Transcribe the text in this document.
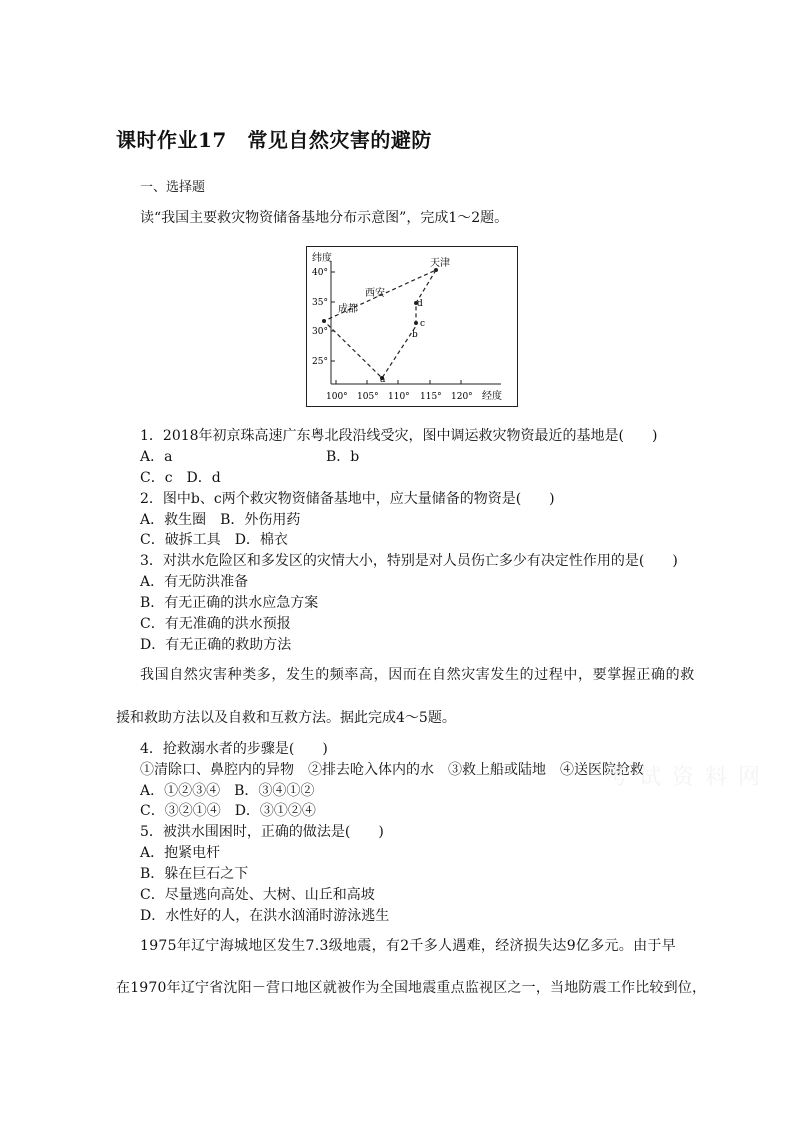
课时作业17　常见自然灾害的避防
一、选择题
读“我国主要救灾物资储备基地分布示意图”，完成1～2题。
纬度
40°
35°
30°
25°
100° 105° 110° 115° 120° 经度
天津
西安
成都	d
c
b
a
1．2018年初京珠高速广东粤北段沿线受灾，图中调运救灾物资最近的基地是(　　)
A．a	B．b
C．c　D．d
2．图中b、c两个救灾物资储备基地中，应大量储备的物资是(　　)
A．救生圈　B．外伤用药
C．破拆工具　D．棉衣
3．对洪水危险区和多发区的灾情大小，特别是对人员伤亡多少有决定性作用的是(　　)
A．有无防洪准备
B．有无正确的洪水应急方案
C．有无准确的洪水预报
D．有无正确的救助方法
我国自然灾害种类多，发生的频率高，因而在自然灾害发生的过程中，要掌握正确的救
援和救助方法以及自救和互救方法。据此完成4～5题。
4．抢救溺水者的步骤是(　　)
①清除口、鼻腔内的异物　②排去呛入体内的水　③救上船或陆地　④送医院抢救
A．①②③④　B．③④①②
C．③②①④　D．③①②④
5．被洪水围困时，正确的做法是(　　)
A．抱紧电杆
B．躲在巨石之下
C．尽量逃向高处、大树、山丘和高坡
D．水性好的人，在洪水汹涌时游泳逃生
1975年辽宁海城地区发生7.3级地震，有2千多人遇难，经济损失达9亿多元。由于早
在1970年辽宁省沈阳－营口地区就被作为全国地震重点监视区之一，当地防震工作比较到位，
考 试 资 料 网
